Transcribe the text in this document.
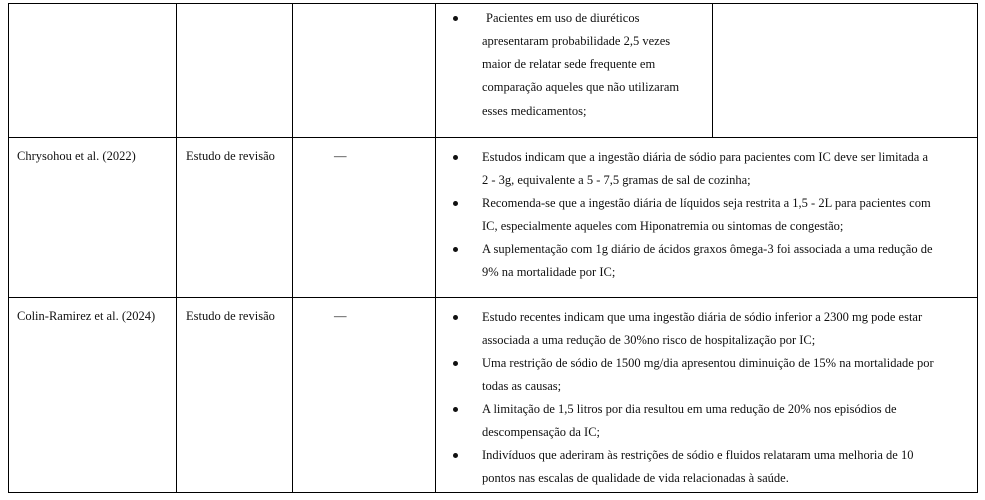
Pacientes em uso de diuréticos
apresentaram probabilidade 2,5 vezes
maior de relatar sede frequente em
comparação aqueles que não utilizaram
esses medicamentos;
Chrysohou et al. (2022)	Estudo de revisão	—	Estudos indicam que a ingestão diária de sódio para pacientes com IC deve ser limitada a
2 - 3g, equivalente a 5 - 7,5 gramas de sal de cozinha;
Recomenda-se que a ingestão diária de líquidos seja restrita a 1,5 - 2L para pacientes com
IC, especialmente aqueles com Hiponatremia ou sintomas de congestão;
A suplementação com 1g diário de ácidos graxos ômega-3 foi associada a uma redução de
9% na mortalidade por IC;
Colin-Ramirez et al. (2024) Estudo de revisão	—	Estudo recentes indicam que uma ingestão diária de sódio inferior a 2300 mg pode estar
associada a uma redução de 30%no risco de hospitalização por IC;
Uma restrição de sódio de 1500 mg/dia apresentou diminuição de 15% na mortalidade por
todas as causas;
A limitação de 1,5 litros por dia resultou em uma redução de 20% nos episódios de
descompensação da IC;
Indivíduos que aderiram às restrições de sódio e fluidos relataram uma melhoria de 10
pontos nas escalas de qualidade de vida relacionadas à saúde.
